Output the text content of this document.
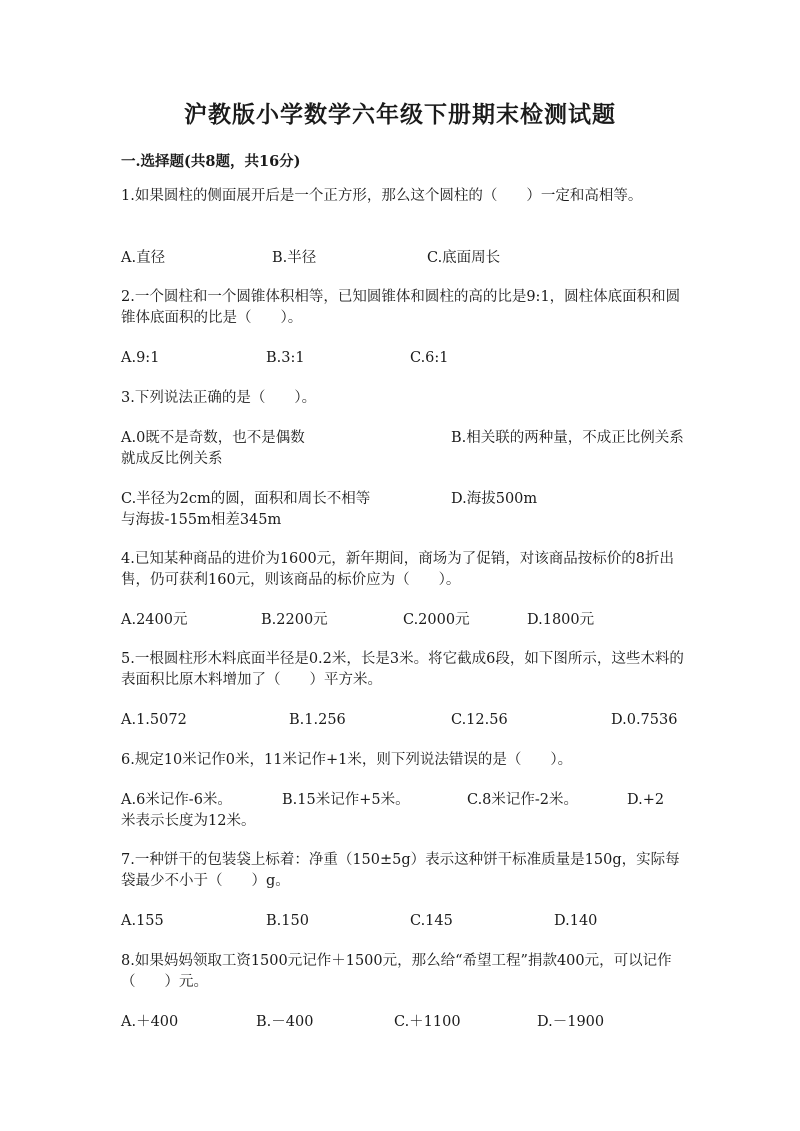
沪教版小学数学六年级下册期末检测试题
一.选择题(共8题，共16分)
1.如果圆柱的侧面展开后是一个正方形，那么这个圆柱的（　　）一定和高相等。
A.直径	B.半径	C.底面周长
2.一个圆柱和一个圆锥体积相等，已知圆锥体和圆柱的高的比是9:1，圆柱体底面积和圆锥体底面积的比是（　　）。
A.9:1	B.3:1	C.6:1
3.下列说法正确的是（　　）。
A.0既不是奇数，也不是偶数	B.相关联的两种量，不成正比例关系就成反比例关系
C.半径为2cm的圆，面积和周长不相等	D.海拔500m与海拔-155m相差345m
4.已知某种商品的进价为1600元，新年期间，商场为了促销，对该商品按标价的8折出售，仍可获利160元，则该商品的标价应为（　　）。
A.2400元	B.2200元	C.2000元	D.1800元
5.一根圆柱形木料底面半径是0.2米，长是3米。将它截成6段，如下图所示，这些木料的表面积比原木料增加了（　　）平方米。
A.1.5072	B.1.256	C.12.56	D.0.7536
6.规定10米记作0米，11米记作+1米，则下列说法错误的是（　　）。
A.6米记作-6米。	B.15米记作+5米。	C.8米记作-2米。	D.+2米表示长度为12米。
7.一种饼干的包装袋上标着：净重（150±5g）表示这种饼干标准质量是150g，实际每袋最少不小于（　　）g。
A.155	B.150	C.145	D.140
8.如果妈妈领取工资1500元记作＋1500元，那么给“希望工程”捐款400元，可以记作（　　）元。
A.＋400	B.－400	C.＋1100	D.－1900
